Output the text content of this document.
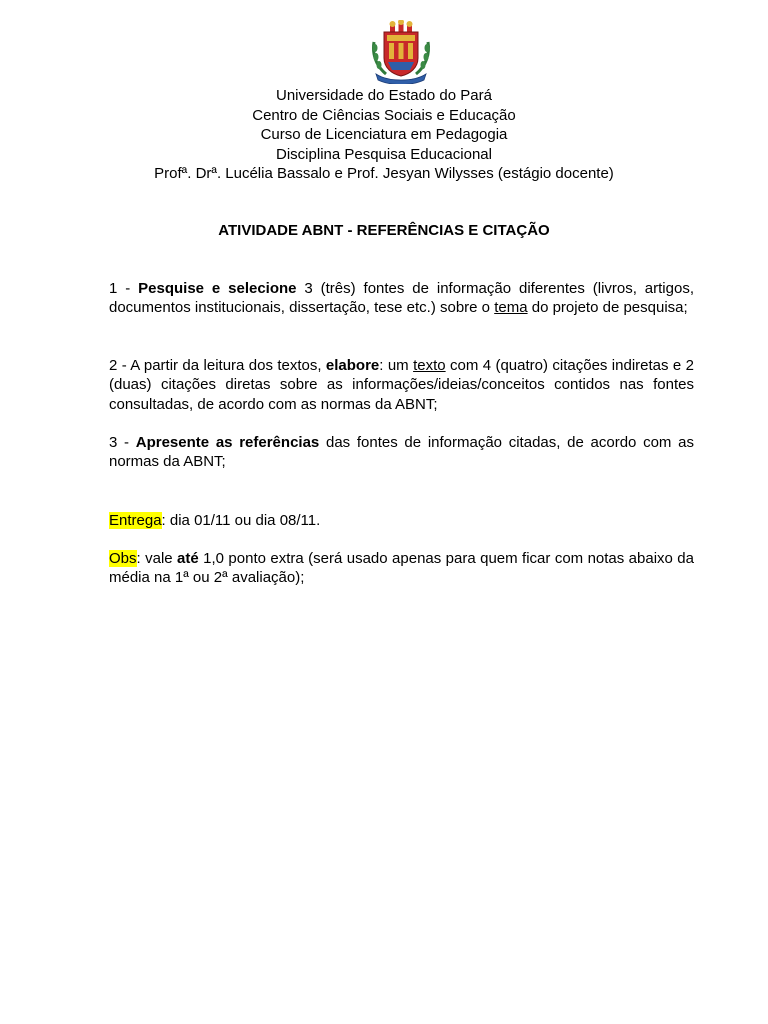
Universidade do Estado do Pará
Centro de Ciências Sociais e Educação
Curso de Licenciatura em Pedagogia
Disciplina Pesquisa Educacional
Profª. Drª. Lucélia Bassalo e Prof. Jesyan Wilysses (estágio docente)
ATIVIDADE ABNT - REFERÊNCIAS E CITAÇÃO
1 - Pesquise e selecione 3 (três) fontes de informação diferentes (livros, artigos, documentos institucionais, dissertação, tese etc.) sobre o tema do projeto de pesquisa;
2 - A partir da leitura dos textos, elabore: um texto com 4 (quatro) citações indiretas e 2 (duas) citações diretas sobre as informações/ideias/conceitos contidos nas fontes consultadas, de acordo com as normas da ABNT;
3 - Apresente as referências das fontes de informação citadas, de acordo com as normas da ABNT;
Entrega: dia 01/11 ou dia 08/11.
Obs: vale até 1,0 ponto extra (será usado apenas para quem ficar com notas abaixo da média na 1ª ou 2ª avaliação);
